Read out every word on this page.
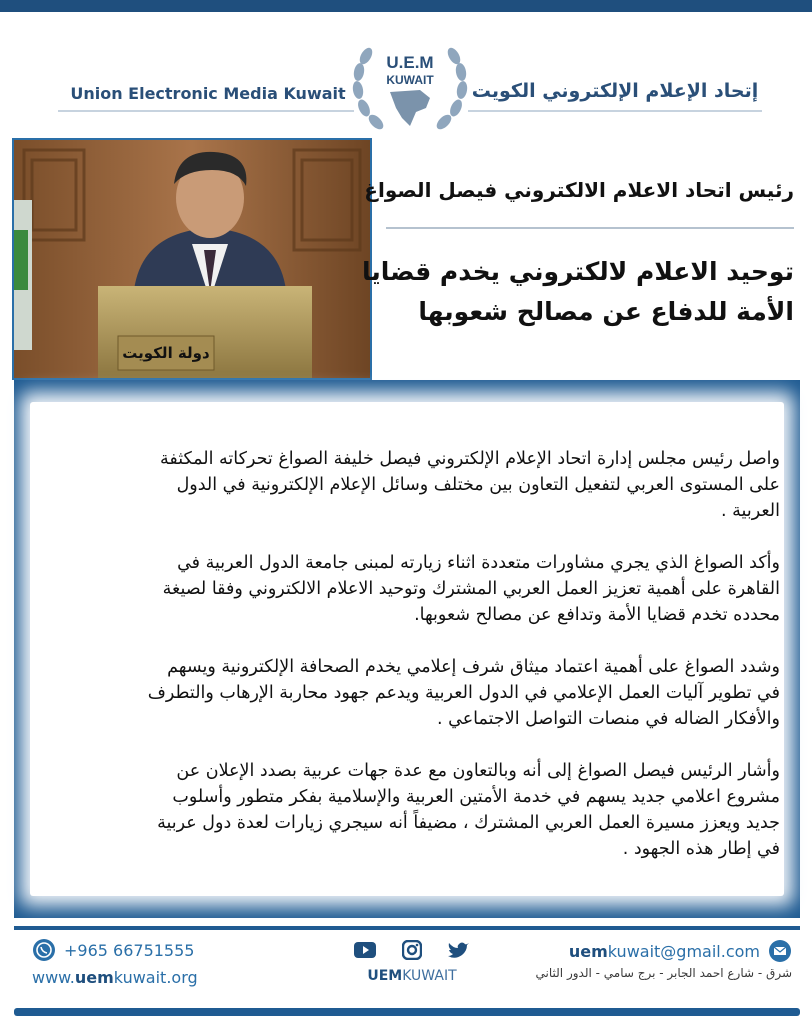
Union Electronic Media Kuwait	إتحاد الإعلام الإلكتروني الكويت
U.E.M
KUWAIT
دولة الكويت
رئيس اتحاد الاعلام الالكتروني فيصل الصواغ
توحيد الاعلام لالكتروني يخدم قضايا
الأمة للدفاع عن مصالح شعوبها

واصل رئيس مجلس إدارة اتحاد الإعلام الإلكتروني فيصل خليفة الصواغ تحركاته المكثفة
على المستوى العربي لتفعيل التعاون بين مختلف وسائل الإعلام الإلكترونية في الدول
العربية .

وأكد الصواغ الذي يجري مشاورات متعددة اثناء زيارته لمبنى جامعة الدول العربية في
القاهرة على أهمية تعزيز العمل العربي المشترك وتوحيد الاعلام الالكتروني وفقا لصيغة
محدده تخدم قضايا الأمة وتدافع عن مصالح شعوبها.

وشدد الصواغ على أهمية اعتماد ميثاق شرف إعلامي يخدم الصحافة الإلكترونية ويسهم
في تطوير آليات العمل الإعلامي في الدول العربية ويدعم جهود محاربة الإرهاب والتطرف
والأفكار الضاله في منصات التواصل الاجتماعي .

وأشار الرئيس فيصل الصواغ إلى أنه وبالتعاون مع عدة جهات عربية بصدد الإعلان عن
مشروع اعلامي جديد يسهم في خدمة الأمتين العربية والإسلامية بفكر متطور وأسلوب
جديد ويعزز مسيرة العمل العربي المشترك ، مضيفاً أنه سيجري زيارات لعدة دول عربية
في إطار هذه الجهود .

+965 66751555
www.uemkuwait.org	UEMKUWAIT
uemkuwait@gmail.com
شرق - شارع احمد الجابر - برج سامي - الدور الثاني
